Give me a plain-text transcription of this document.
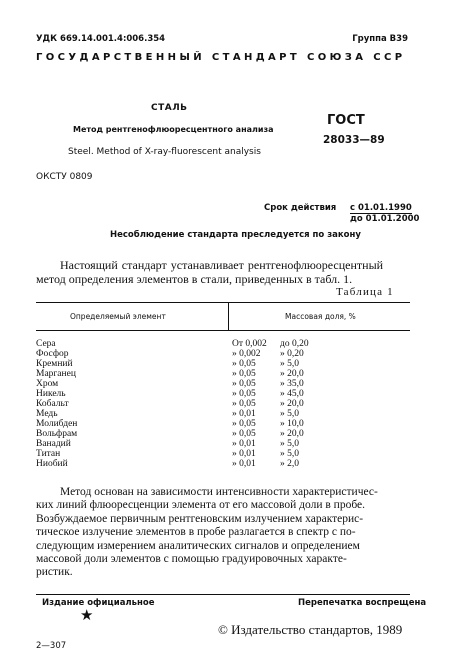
УДК 669.14.001.4:006.354	Группа В39
ГОСУДАРСТВЕННЫЙ СТАНДАРТ СОЮЗА ССР
СТАЛЬ
Метод рентгенофлюоресцентного анализа
Steel. Method of X-ray-fluorescent analysis
ГОСТ
28033—89
ОКСТУ 0809
Срок действия с 01.01.1990
до 01.01.2000
Несоблюдение стандарта преследуется по закону
Настоящий стандарт устанавливает рентгенофлюоресцентный
метод определения элементов в стали, приведенных в табл. 1.
Таблица 1
Определяемый элемент	Массовая доля, %
Сера	От 0,002 до 0,20
Фосфор	» 0,002 » 0,20
Кремний	» 0,05	» 5,0
Марганец	» 0,05	» 20,0
Хром	» 0,05	» 35,0
Никель	» 0,05	» 45,0
Кобальт	» 0,05	» 20,0
Медь	» 0,01	» 5,0
Молибден	» 0,05	» 10,0
Вольфрам	» 0,05	» 20,0
Ванадий	» 0,01	» 5,0
Титан	» 0,01	» 5,0
Ниобий	» 0,01	» 2,0
Метод основан на зависимости интенсивности характеристичес-
ких линий флюоресценции элемента от его массовой доли в пробе.
Возбуждаемое первичным рентгеновским излучением характерис-
тическое излучение элементов в пробе разлагается в спектр с по-
следующим измерением аналитических сигналов и определением
массовой доли элементов с помощью градуировочных характе-
ристик.
Издание официальное
★
Перепечатка воспрещена
© Издательство стандартов, 1989
2—307
